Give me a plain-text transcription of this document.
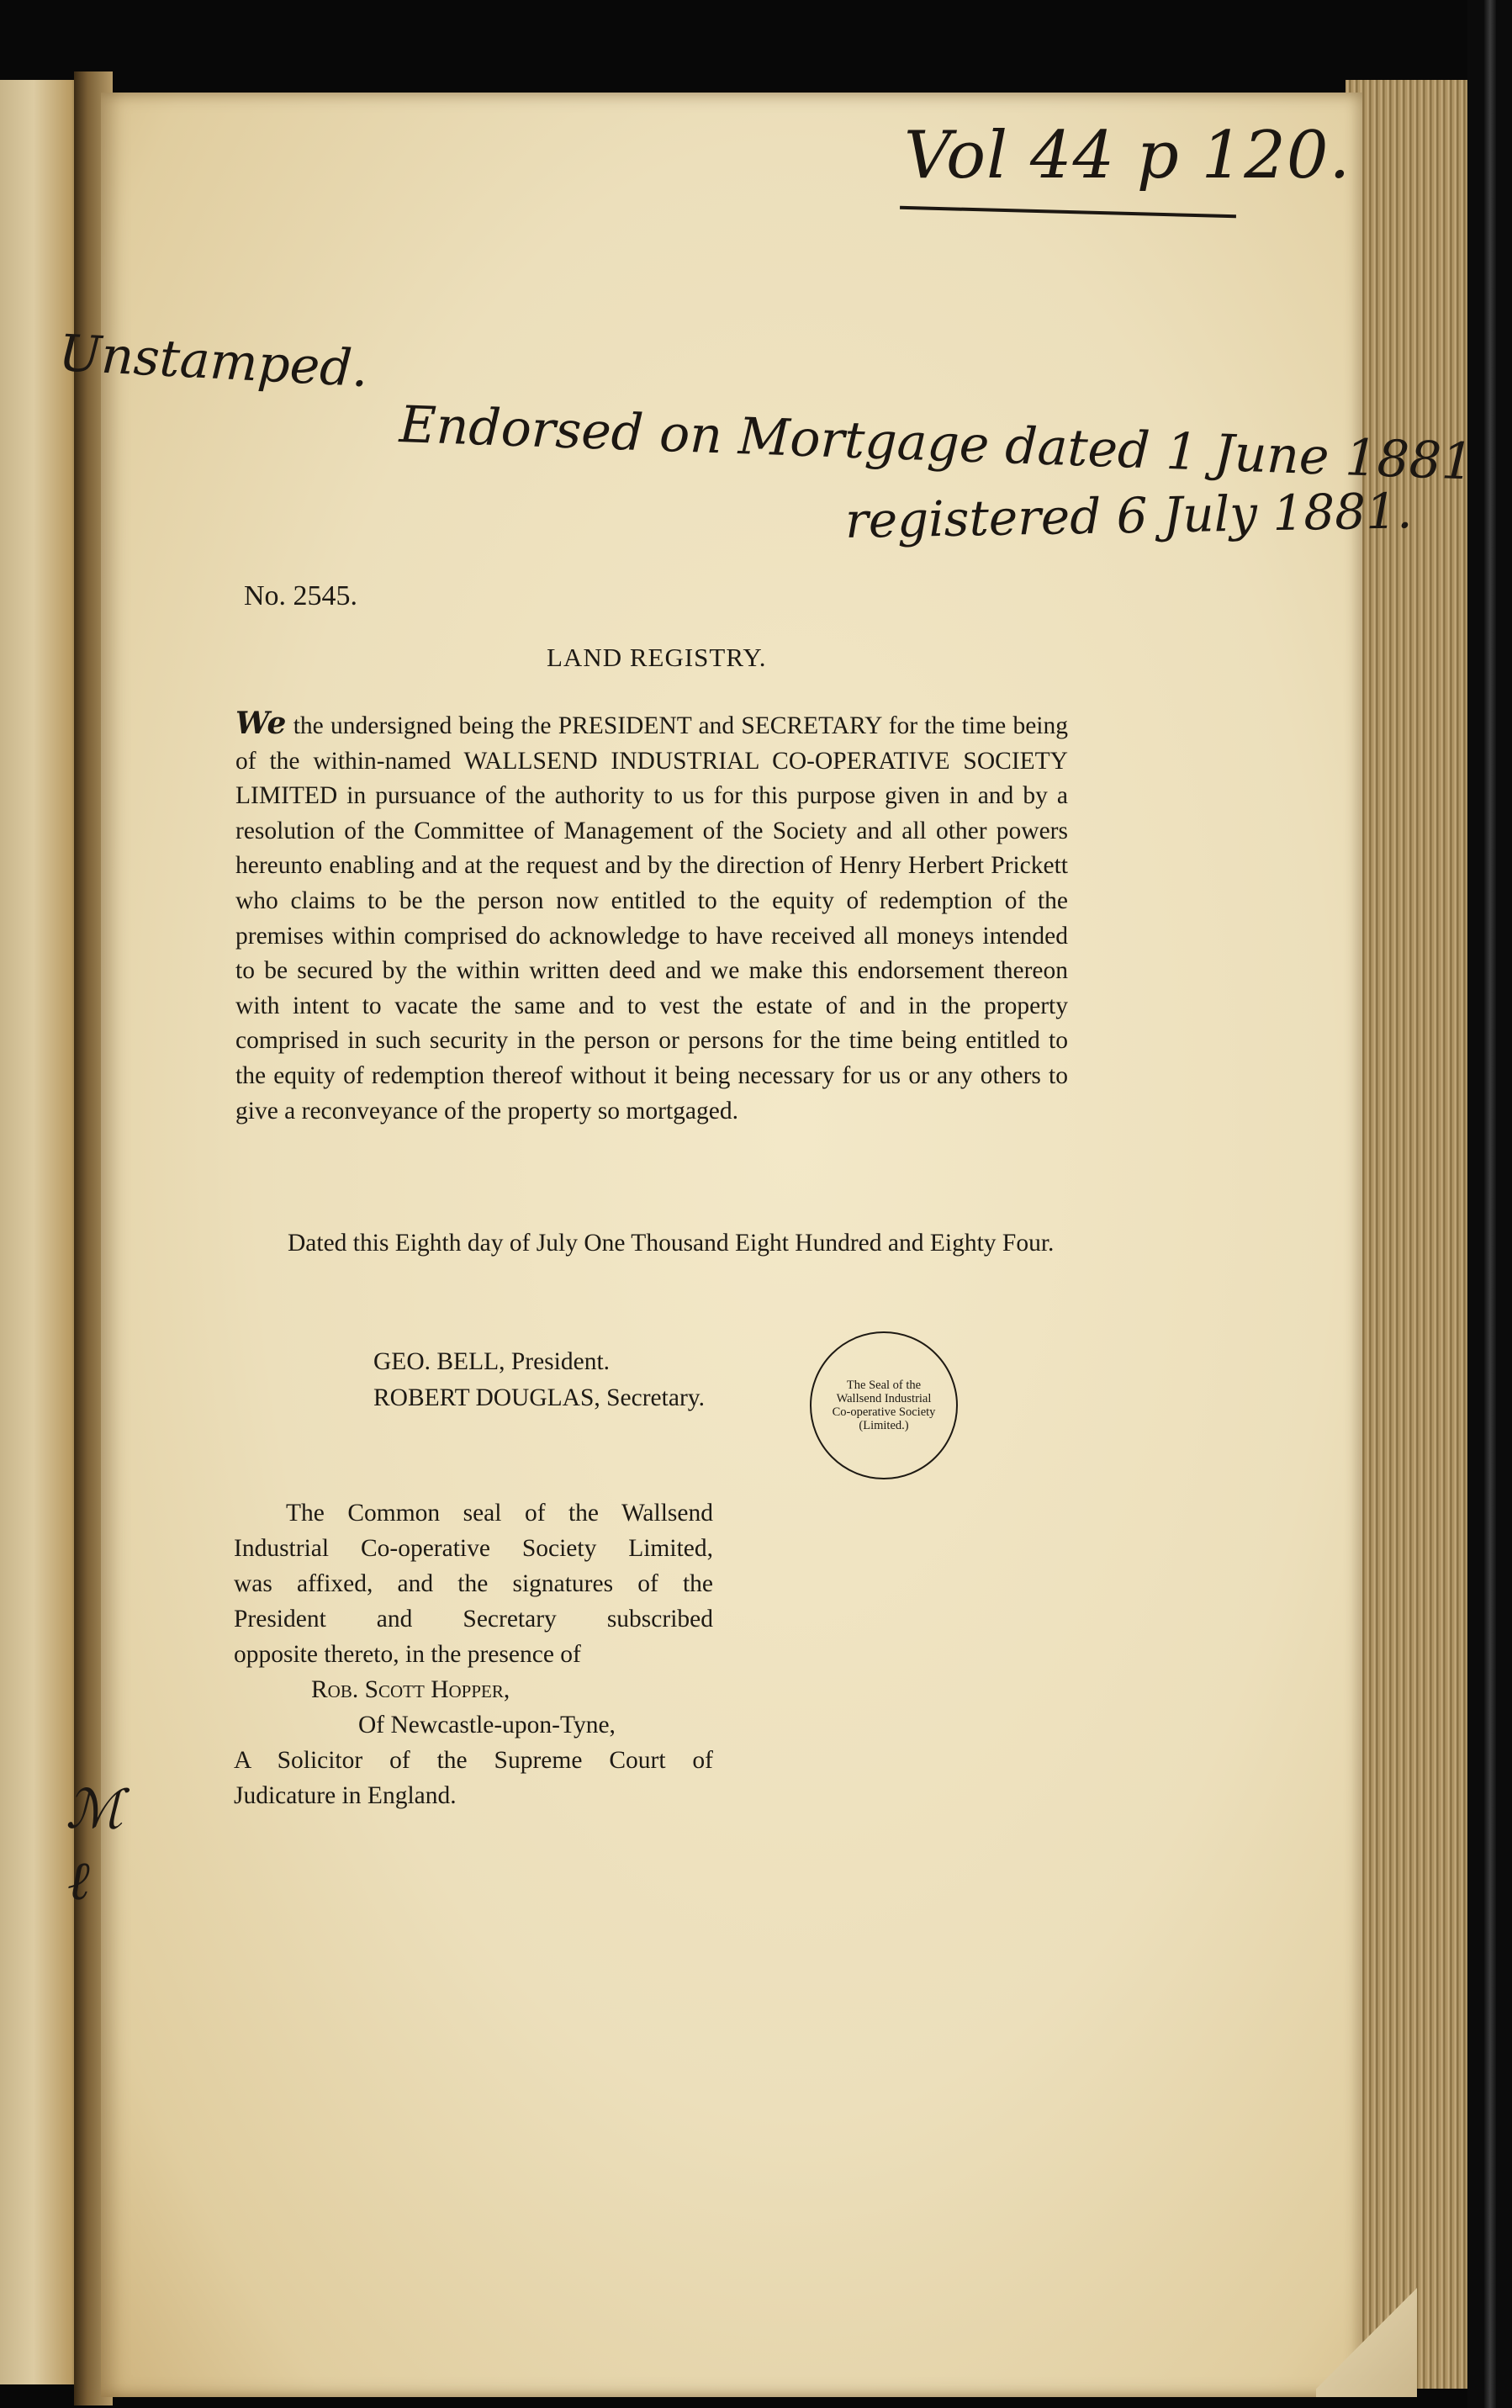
Vol 44 p 120.
Endorsed on Mortgage dated 1 June 1881
registered 6 July 1881.
Unstamped.
No. 2545.
LAND REGISTRY.
We the undersigned being the PRESIDENT and SECRETARY for the time being of the within-named WALLSEND INDUSTRIAL CO-OPERATIVE SOCIETY LIMITED in pursuance of the authority to us for this purpose given in and by a resolution of the Committee of Management of the Society and all other powers hereunto enabling and at the request and by the direction of Henry Herbert Prickett who claims to be the person now entitled to the equity of redemption of the premises within comprised do acknowledge to have received all moneys intended to be secured by the within written deed and we make this endorsement thereon with intent to vacate the same and to vest the estate of and in the property comprised in such security in the person or persons for the time being entitled to the equity of redemption thereof without it being necessary for us or any others to give a reconveyance of the property so mortgaged.
Dated this Eighth day of July One Thousand Eight Hundred and Eighty Four.
GEO. BELL, President.
ROBERT DOUGLAS, Secretary.	The Seal of the
Wallsend Industrial
Co-operative Society
(Limited.)
The Common seal of the Wallsend
Industrial Co-operative Society Limited,
was affixed, and the signatures of the
President and Secretary subscribed
opposite thereto, in the presence of
Rob. Scott Hopper,
Of Newcastle-upon-Tyne,
A Solicitor of the Supreme Court of
Judicature in England.
ℳ
ℓ
